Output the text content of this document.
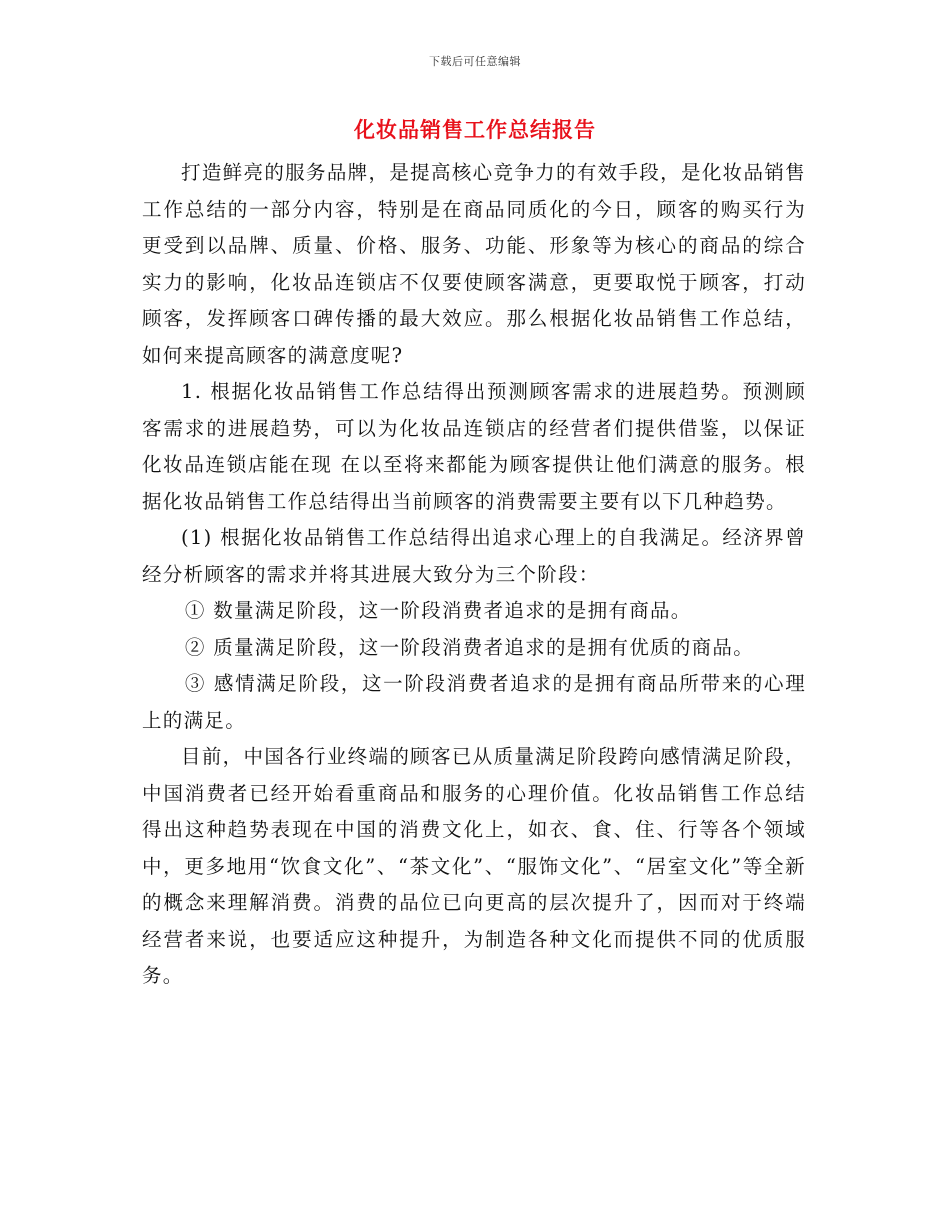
下载后可任意编辑
化妆品销售工作总结报告

打造鲜亮的服务品牌，是提高核心竞争力的有效手段，是化妆品销售工作总结的一部分内容，特别是在商品同质化的今日，顾客的购买行为更受到以品牌、质量、价格、服务、功能、形象等为核心的商品的综合实力的影响，化妆品连锁店不仅要使顾客满意，更要取悦于顾客，打动顾客，发挥顾客口碑传播的最大效应。那么根据化妆品销售工作总结，如何来提高顾客的满意度呢?

1. 根据化妆品销售工作总结得出预测顾客需求的进展趋势。预测顾客需求的进展趋势，可以为化妆品连锁店的经营者们提供借鉴，以保证化妆品连锁店能在现 在以至将来都能为顾客提供让他们满意的服务。根据化妆品销售工作总结得出当前顾客的消费需要主要有以下几种趋势。

(1) 根据化妆品销售工作总结得出追求心理上的自我满足。经济界曾经分析顾客的需求并将其进展大致分为三个阶段：

① 数量满足阶段，这一阶段消费者追求的是拥有商品。

② 质量满足阶段，这一阶段消费者追求的是拥有优质的商品。

③ 感情满足阶段，这一阶段消费者追求的是拥有商品所带来的心理上的满足。

目前，中国各行业终端的顾客已从质量满足阶段跨向感情满足阶段，中国消费者已经开始看重商品和服务的心理价值。化妆品销售工作总结得出这种趋势表现在中国的消费文化上，如衣、食、住、行等各个领域中，更多地用“饮食文化”、“茶文化”、“服饰文化”、“居室文化”等全新的概念来理解消费。消费的品位已向更高的层次提升了，因而对于终端经营者来说，也要适应这种提升，为制造各种文化而提供不同的优质服务。
